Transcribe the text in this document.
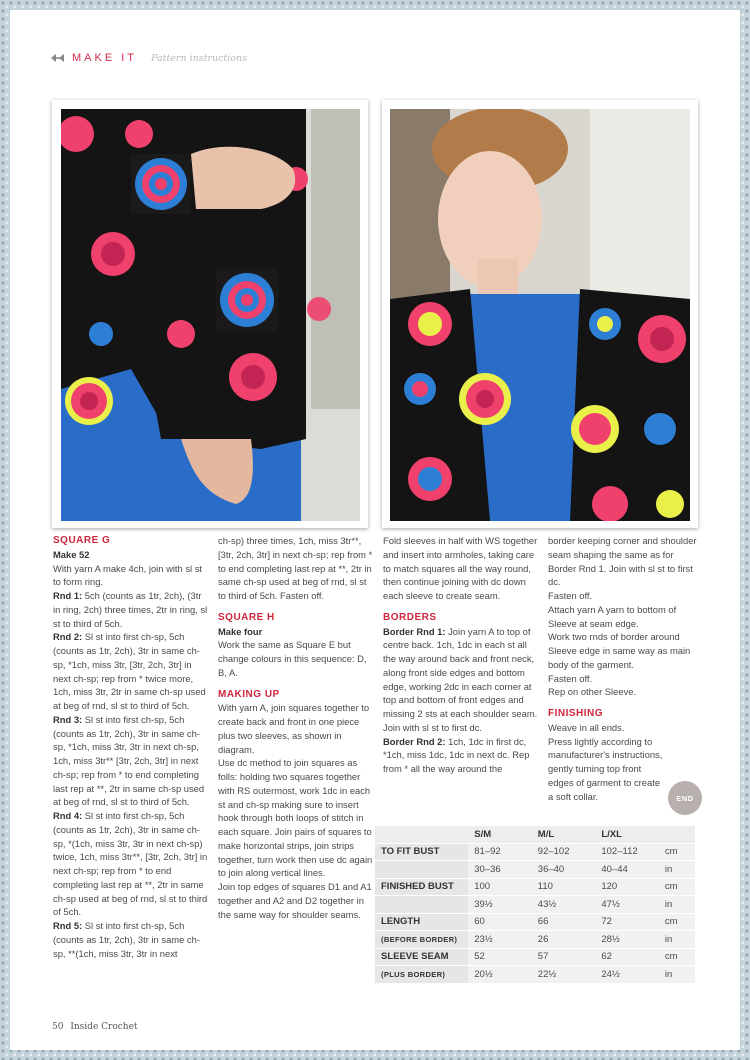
MAKE IT Pattern instructions

SQUARE G

Make 52

With yarn A make 4ch, join with sl st to form ring.

Rnd 1: 5ch (counts as 1tr, 2ch), (3tr in ring, 2ch) three times, 2tr in ring, sl st to third of 5ch.

Rnd 2: Sl st into first ch-sp, 5ch (counts as 1tr, 2ch), 3tr in same ch-sp, *1ch, miss 3tr, [3tr, 2ch, 3tr] in next ch-sp; rep from * twice more, 1ch, miss 3tr, 2tr in same ch-sp used at beg of rnd, sl st to third of 5ch.

Rnd 3: Sl st into first ch-sp, 5ch (counts as 1tr, 2ch), 3tr in same ch-sp, *1ch, miss 3tr, 3tr in next ch-sp, 1ch, miss 3tr** [3tr, 2ch, 3tr] in next ch-sp; rep from * to end completing last rep at **, 2tr in same ch-sp used at beg of rnd, sl st to third of 5ch.

Rnd 4: Sl st into first ch-sp, 5ch (counts as 1tr, 2ch), 3tr in same ch-sp, *(1ch, miss 3tr, 3tr in next ch-sp) twice, 1ch, miss 3tr**, [3tr, 2ch, 3tr] in next ch-sp; rep from * to end completing last rep at **, 2tr in same ch-sp used at beg of rnd, sl st to third of 5ch.

Rnd 5: Sl st into first ch-sp, 5ch (counts as 1tr, 2ch), 3tr in same ch-sp, **(1ch, miss 3tr, 3tr in next

ch-sp) three times, 1ch, miss 3tr**, [3tr, 2ch, 3tr] in next ch-sp; rep from * to end completing last rep at **, 2tr in same ch-sp used at beg of rnd, sl st to third of 5ch. Fasten off.

SQUARE H

Make four

Work the same as Square E but change colours in this sequence: D, B, A.

MAKING UP

With yarn A, join squares together to create back and front in one piece plus two sleeves, as shown in diagram.

Use dc method to join squares as folls: holding two squares together with RS outermost, work 1dc in each st and ch-sp making sure to insert hook through both loops of stitch in each square. Join pairs of squares to make horizontal strips, join strips together, turn work then use dc again to join along vertical lines.

Join top edges of squares D1 and A1 together and A2 and D2 together in the same way for shoulder seams.

Fold sleeves in half with WS together and insert into armholes, taking care to match squares all the way round, then continue joining with dc down each sleeve to create seam.

BORDERS

Border Rnd 1: Join yarn A to top of centre back. 1ch, 1dc in each st all the way around back and front neck, along front side edges and bottom edge, working 2dc in each corner at top and bottom of front edges and missing 2 sts at each shoulder seam. Join with sl st to first dc.

Border Rnd 2: 1ch, 1dc in first dc, *1ch, miss 1dc, 1dc in next dc. Rep from * all the way around the

border keeping corner and shoulder seam shaping the same as for Border Rnd 1. Join with sl st to first dc.

Fasten off.

Attach yarn A yarn to bottom of Sleeve at seam edge.

Work two rnds of border around Sleeve edge in same way as main body of the garment.

Fasten off.

Rep on other Sleeve.

FINISHING

Weave in all ends.

Press lightly according to manufacturer's instructions, gently turning top front edges of garment to create a soft collar.	END
	S/M	M/L	L/XL	
TO FIT BUST	81–92	92–102	102–112	cm
	30–36	36–40	40–44	in
FINISHED BUST	100	110	120	cm
	39½	43½	47½	in
LENGTH	60	66	72	cm
(BEFORE BORDER)	23½	26	28½	in
SLEEVE SEAM	52	57	62	cm
(PLUS BORDER)	20½	22½	24½	in
50 Inside Crochet
